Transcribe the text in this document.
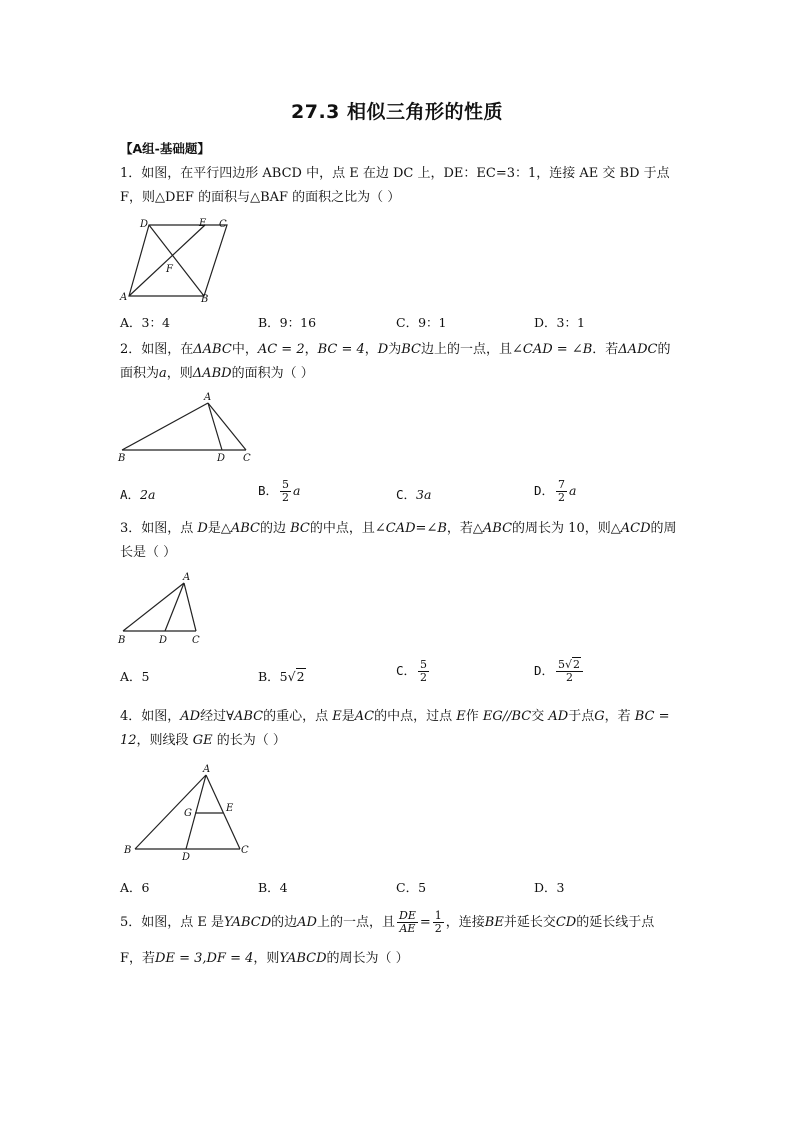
27.3 相似三角形的性质
【A组-基础题】
1．如图，在平行四边形 ABCD 中，点 E 在边 DC 上，DE：EC=3：1，连接 AE 交 BD 于点 F，则△DEF 的面积与△BAF 的面积之比为（ ）
D	E C
F
A	B
A．3：4	B．9：16	C．9：1	D．3：1
2．如图，在ΔABC中，AC = 2，BC = 4，D为BC边上的一点，且∠CAD = ∠B．若ΔADC的面积为a，则ΔABD的面积为（ ）
A
B	D C
A．2a	B． $\frac{5}{2}$ a	C．3a	D． $\frac{7}{2}$ a
3．如图，点 D是△ABC的边 BC的中点，且∠CAD=∠B，若△ABC的周长为 10，则△ACD的周长是（ ）
A
B	D C
A．5	B．5√2	C． $\frac{5}{2}$	D． $\frac{5√2}{2}$
4．如图，AD经过∀ABC的重心，点 E是AC的中点，过点 E作 EG//BC交 AD于点G，若 BC = 12，则线段 GE 的长为（ ）
A
G	E
B
D
C
A．6	B．4	C．5	D．3
5．如图，点 E 是YABCD的边AD上的一点，且 $\frac{DE}{AE} = \frac{1}{2}$ ，连接BE并延长交CD的延长线于点 F，若DE = 3,DF = 4，则YABCD的周长为（ ）
